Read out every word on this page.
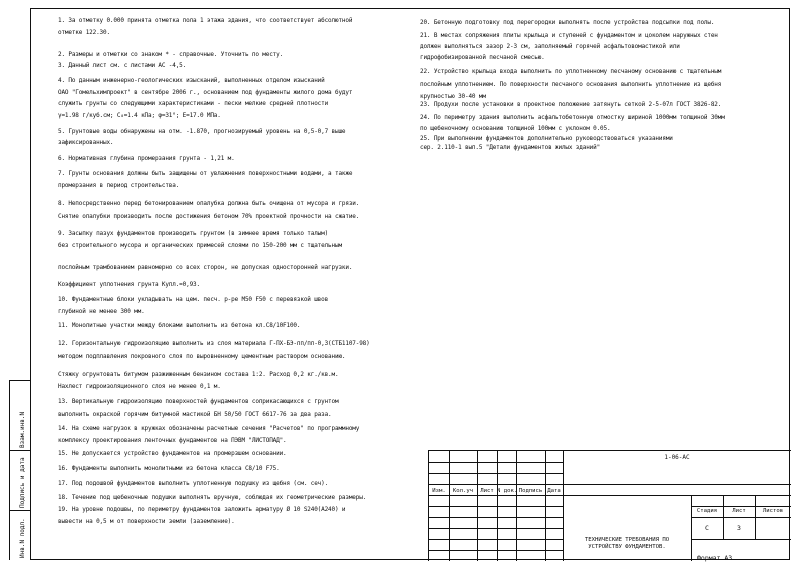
1. За отметку 0.000 принята отметка пола 1 этажа здания, что соответствует абсолютной

отметке 122.30.

2. Размеры и отметки со знаком * - справочные. Уточнить по месту.

3. Данный лист см. с листами АС -4,5.

4. По данным инженерно-геологических изысканий, выполненных отделом изысканий

ОАО "Гомельхимпроект" в сентябре 2006 г., основанием под фундаменты жилого дома будут

служить грунты со следующими характеристиками - пески мелкие средней плотности

γ=1.98 г/куб.см; С₀=1.4 кПа; φ=31°; Е=17.0 МПа.

5. Грунтовые воды обнаружены на отм. -1.870, прогнозируемый уровень на 0,5-0,7 выше

зафиксированных.

6. Нормативная глубина промерзания грунта - 1,21 м.

7. Грунты основания должны быть защищены от увлажнения поверхностными водами, а также

промерзания в период строительства.

8. Непосредственно перед бетонированием опалубка должна быть очищена от мусора и грязи.

Снятие опалубки производить после достижения бетоном 70% проектной прочности на сжатие.

9. Засыпку пазух фундаментов производить грунтом (в зимнее время только талым)

без строительного мусора и органических примесей слоями по 150-200 мм с тщательным

послойным трамбованием равномерно со всех сторон, не допуская односторонней нагрузки.

Коэффициент уплотнения грунта Купл.=0,93.

10. Фундаментные блоки укладывать на цем. песч. р-ре М50 F50 с перевязкой швов

глубиной не менее 300 мм.

11. Монолитные участки между блоками выполнить из бетона кл.С8/10F100.

12. Горизонтальную гидроизоляцию выполнить из слоя материала Г-ПХ-БЭ-пп/пп-0,3(СТБ1107-98)

методом подплавления покровного слоя по выровненному цементным раствором основанию.

Стяжку огрунтовать битумом разжиженным бензином состава 1:2. Расход 0,2 кг./кв.м.

Нахлест гидроизоляционного слоя не менее 0,1 м.

13. Вертикальную гидроизоляцию поверхностей фундаментов соприкасающихся с грунтом

выполнить окраской горячим битумной мастикой БН 50/50 ГОСТ 6617-76 за два раза.

14. На схеме нагрузок в кружках обозначены расчетные сечения "Расчетов" по программному

комплексу проектирования ленточных фундаментов на ПЭВМ "ЛИСТОПАД".

15. Не допускается устройство фундаментов на промерзшем основании.

16. Фундаменты выполнить монолитными из бетона класса С8/10 F75.

17. Под подошвой фундаментов выполнить уплотненную подушку из щебня (см. сеч).

18. Течение под щебеночные подушки выполнять вручную, соблюдая их геометрические размеры.

19. На уровне подошвы, по периметру фундаментов заложить арматуру Ø 10 S240(А240) и

вывести на 0,5 м от поверхности земли (заземление).

20. Бетонную подготовку под перегородки выполнять после устройства подсыпки под полы.

21. В местах сопряжения плиты крыльца и ступеней с фундаментом и цоколем наружных стен

должен выполняться зазор 2-3 см, заполняемый горячей асфальтовомастикой или

гидрофобизированной песчаной смесью.

22. Устройство крыльца входа выполнить по уплотненному песчаному основанию с тщательным

послойным уплотнением. По поверхности песчаного основания выполнить уплотнение из щебня

крупностью 30-40 мм

23. Продухи после установки в проектное положение затянуть сеткой 2-5-07л ГОСТ 3826-82.

24. По периметру здания выполнить асфальтобетонную отмостку шириной 1000мм толщиной 30мм

по щебеночному основанию толщиной 100мм с уклоном 0.05.

25. При выполнении фундаментов дополнительно руководствоваться указаниями

сер. 2.110-1 вып.5 "Детали фундаментов жилых зданий"

Взам.инв.N
Подпись и дата
Инв.N подл.
1-06-АС
Изм.	Кол.уч	Лист N док. Подпись Дата
Стадия	Лист	Листов
С	3
ТЕХНИЧЕСКИЕ ТРЕБОВАНИЯ ПО
УСТРОЙСТВУ ФУНДАМЕНТОВ.
Формат А3
